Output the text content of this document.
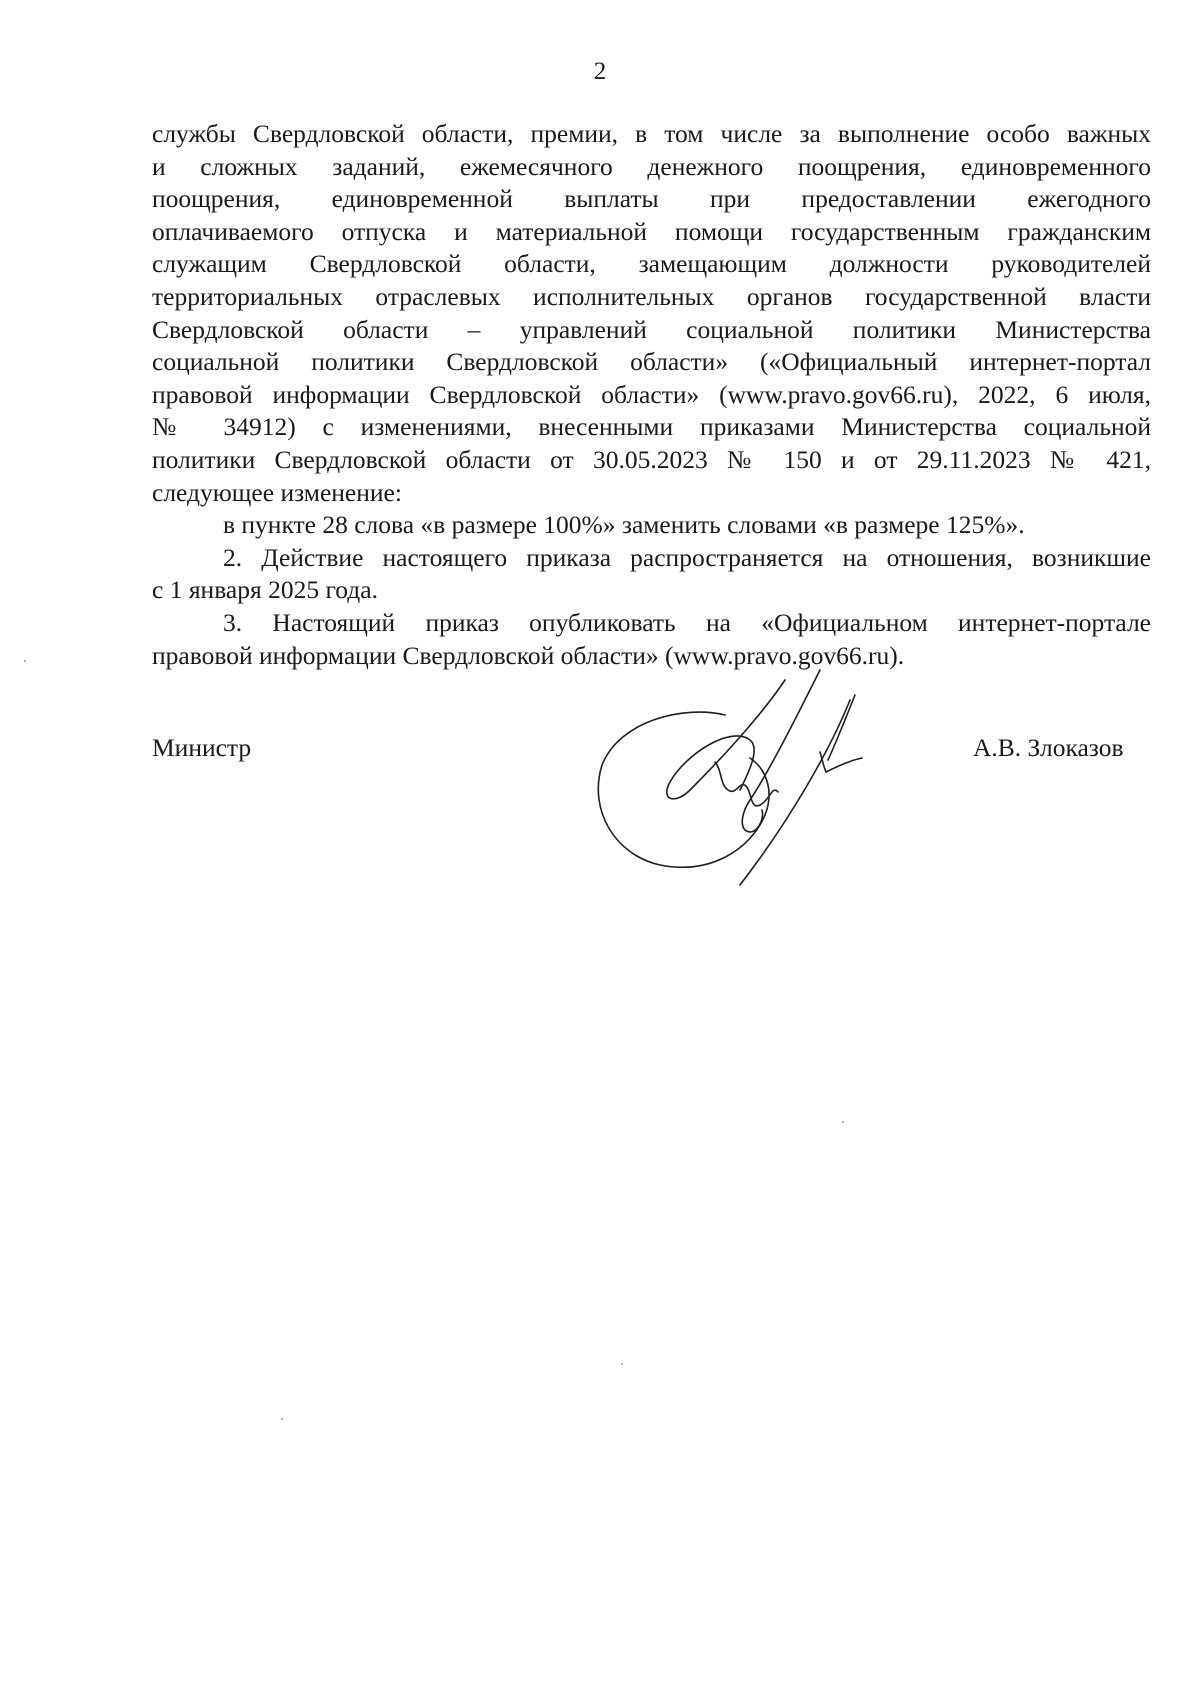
2

службы Свердловской области, премии, в том числе за выполнение особо важных

и сложных заданий, ежемесячного денежного поощрения, единовременного

поощрения, единовременной выплаты при предоставлении ежегодного

оплачиваемого отпуска и материальной помощи государственным гражданским

служащим Свердловской области, замещающим должности руководителей

территориальных отраслевых исполнительных органов государственной власти

Свердловской области – управлений социальной политики Министерства

социальной политики Свердловской области» («Официальный интернет-портал

правовой информации Свердловской области» (www.pravo.gov66.ru), 2022, 6 июля,

№ 34912) с изменениями, внесенными приказами Министерства социальной

политики Свердловской области от 30.05.2023 № 150 и от 29.11.2023 № 421,

следующее изменение:

в пункте 28 слова «в размере 100%» заменить словами «в размере 125%».

2. Действие настоящего приказа распространяется на отношения, возникшие

с 1 января 2025 года.

3. Настоящий приказ опубликовать на «Официальном интернет-портале

правовой информации Свердловской области» (www.pravo.gov66.ru).

Министр	А.В. Злоказов
